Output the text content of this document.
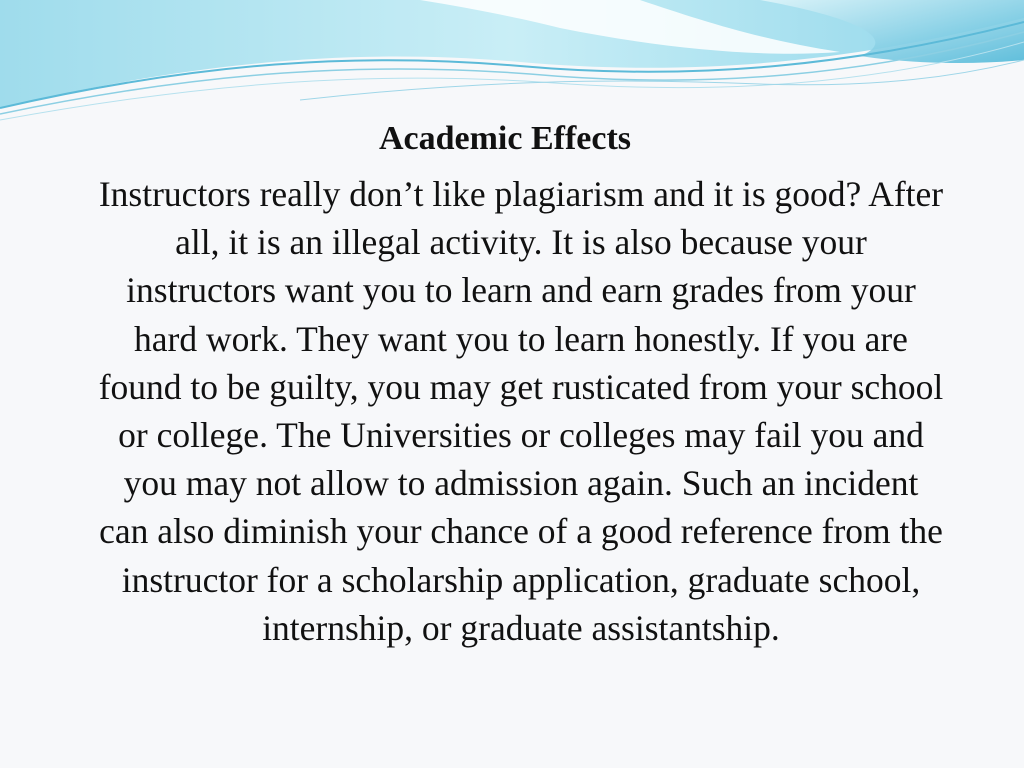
Academic Effects

Instructors really don’t like plagiarism and it is good? After all, it is an illegal activity. It is also because your instructors want you to learn and earn grades from your hard work. They want you to learn honestly. If you are found to be guilty, you may get rusticated from your school or college. The Universities or colleges may fail you and you may not allow to admission again. Such an incident can also diminish your chance of a good reference from the instructor for a scholarship application, graduate school, internship, or graduate assistantship.
